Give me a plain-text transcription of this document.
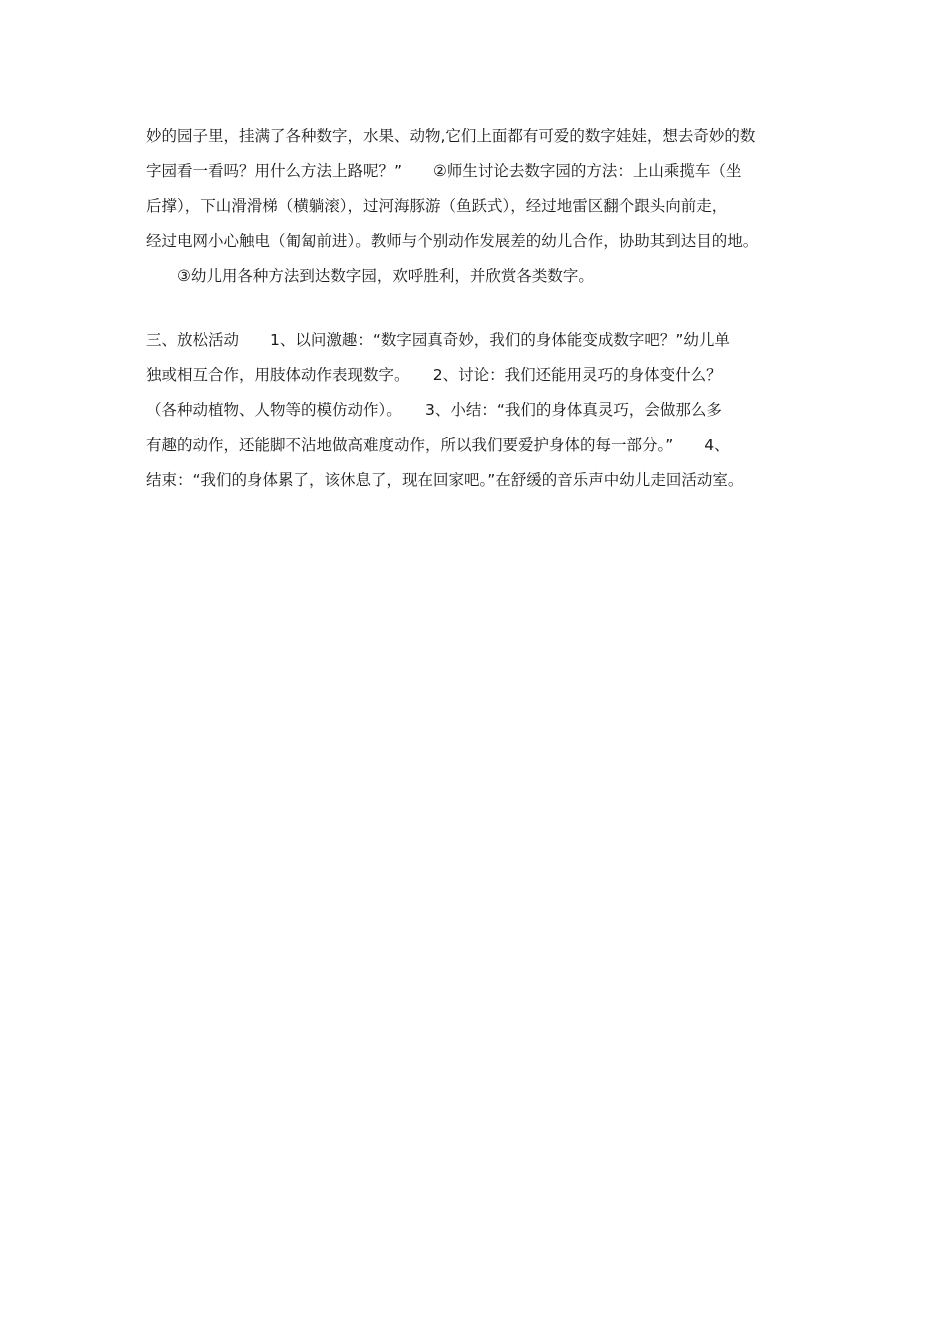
妙的园子里，挂满了各种数字，水果、动物,它们上面都有可爱的数字娃娃，想去奇妙的数
字园看一看吗？用什么方法上路呢？”　　②师生讨论去数字园的方法：上山乘揽车（坐
后撑），下山滑滑梯（横躺滚），过河海豚游（鱼跃式），经过地雷区翻个跟头向前走，
经过电网小心触电（匍匐前进）。教师与个别动作发展差的幼儿合作，协助其到达目的地。
③幼儿用各种方法到达数字园，欢呼胜利，并欣赏各类数字。
三、放松活动　　1、以问激趣：“数字园真奇妙，我们的身体能变成数字吧？”幼儿单
独或相互合作，用肢体动作表现数字。　　2、讨论：我们还能用灵巧的身体变什么？
（各种动植物、人物等的模仿动作）。　　3、小结：“我们的身体真灵巧，会做那么多
有趣的动作，还能脚不沾地做高难度动作，所以我们要爱护身体的每一部分。”　　4、
结束：“我们的身体累了，该休息了，现在回家吧。”在舒缓的音乐声中幼儿走回活动室。
